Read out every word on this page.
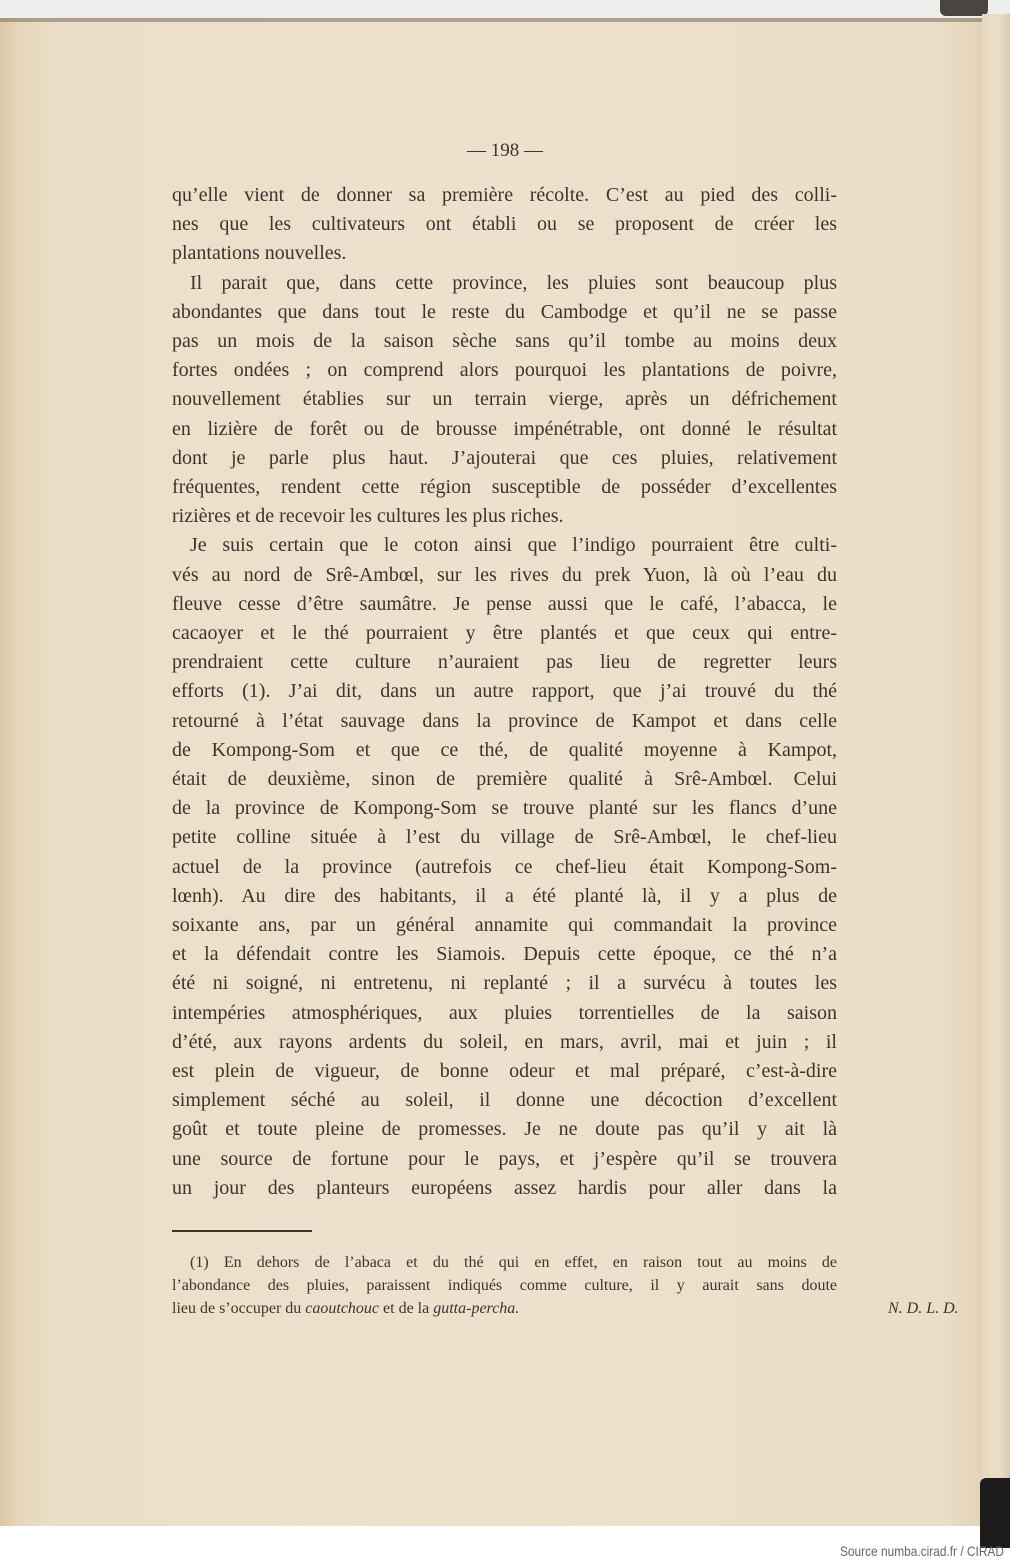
— 198 —
qu’elle vient de donner sa première récolte. C’est au pied des colli-
nes que les cultivateurs ont établi ou se proposent de créer les
plantations nouvelles.
Il parait que, dans cette province, les pluies sont beaucoup plus
abondantes que dans tout le reste du Cambodge et qu’il ne se passe
pas un mois de la saison sèche sans qu’il tombe au moins deux
fortes ondées ; on comprend alors pourquoi les plantations de poivre,
nouvellement établies sur un terrain vierge, après un défrichement
en lizière de forêt ou de brousse impénétrable, ont donné le résultat
dont je parle plus haut. J’ajouterai que ces pluies, relativement
fréquentes, rendent cette région susceptible de posséder d’excellentes
rizières et de recevoir les cultures les plus riches.
Je suis certain que le coton ainsi que l’indigo pourraient être culti-
vés au nord de Srê-Ambœl, sur les rives du prek Yuon, là où l’eau du
fleuve cesse d’être saumâtre. Je pense aussi que le café, l’abacca, le
cacaoyer et le thé pourraient y être plantés et que ceux qui entre-
prendraient cette culture n’auraient pas lieu de regretter leurs
efforts (1). J’ai dit, dans un autre rapport, que j’ai trouvé du thé
retourné à l’état sauvage dans la province de Kampot et dans celle
de Kompong-Som et que ce thé, de qualité moyenne à Kampot,
était de deuxième, sinon de première qualité à Srê-Ambœl. Celui
de la province de Kompong-Som se trouve planté sur les flancs d’une
petite colline située à l’est du village de Srê-Ambœl, le chef-lieu
actuel de la province (autrefois ce chef-lieu était Kompong-Som-
lœnh). Au dire des habitants, il a été planté là, il y a plus de
soixante ans, par un général annamite qui commandait la province
et la défendait contre les Siamois. Depuis cette époque, ce thé n’a
été ni soigné, ni entretenu, ni replanté ; il a survécu à toutes les
intempéries atmosphériques, aux pluies torrentielles de la saison
d’été, aux rayons ardents du soleil, en mars, avril, mai et juin ; il
est plein de vigueur, de bonne odeur et mal préparé, c’est-à-dire
simplement séché au soleil, il donne une décoction d’excellent
goût et toute pleine de promesses. Je ne doute pas qu’il y ait là
une source de fortune pour le pays, et j’espère qu’il se trouvera
un jour des planteurs européens assez hardis pour aller dans la
(1) En dehors de l’abaca et du thé qui en effet, en raison tout au moins de
l’abondance des pluies, paraissent indiqués comme culture, il y aurait sans doute
lieu de s’occuper du caoutchouc et de la gutta-percha.	N. D. L. D.
Source numba.cirad.fr / CIRAD
